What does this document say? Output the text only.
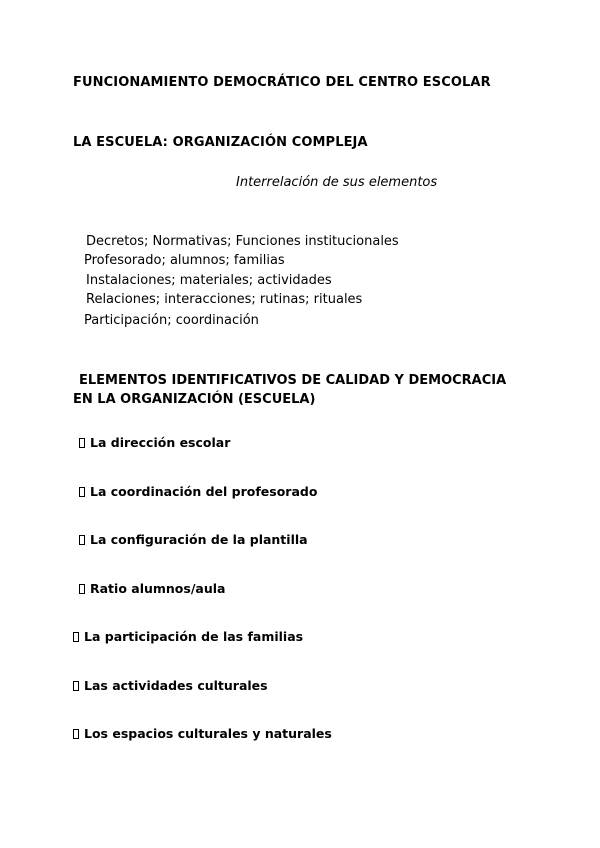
FUNCIONAMIENTO DEMOCRÁTICO DEL CENTRO ESCOLAR
LA ESCUELA: ORGANIZACIÓN COMPLEJA
Interrelación de sus elementos
Decretos; Normativas; Funciones institucionales
Profesorado; alumnos; familias
Instalaciones; materiales; actividades
Relaciones; interacciones; rutinas; rituales
Participación; coordinación
ELEMENTOS IDENTIFICATIVOS DE CALIDAD Y DEMOCRACIA
EN LA ORGANIZACIÓN (ESCUELA)
La dirección escolar
La coordinación del profesorado
La configuración de la plantilla
Ratio alumnos/aula
La participación de las familias
Las actividades culturales
Los espacios culturales y naturales
